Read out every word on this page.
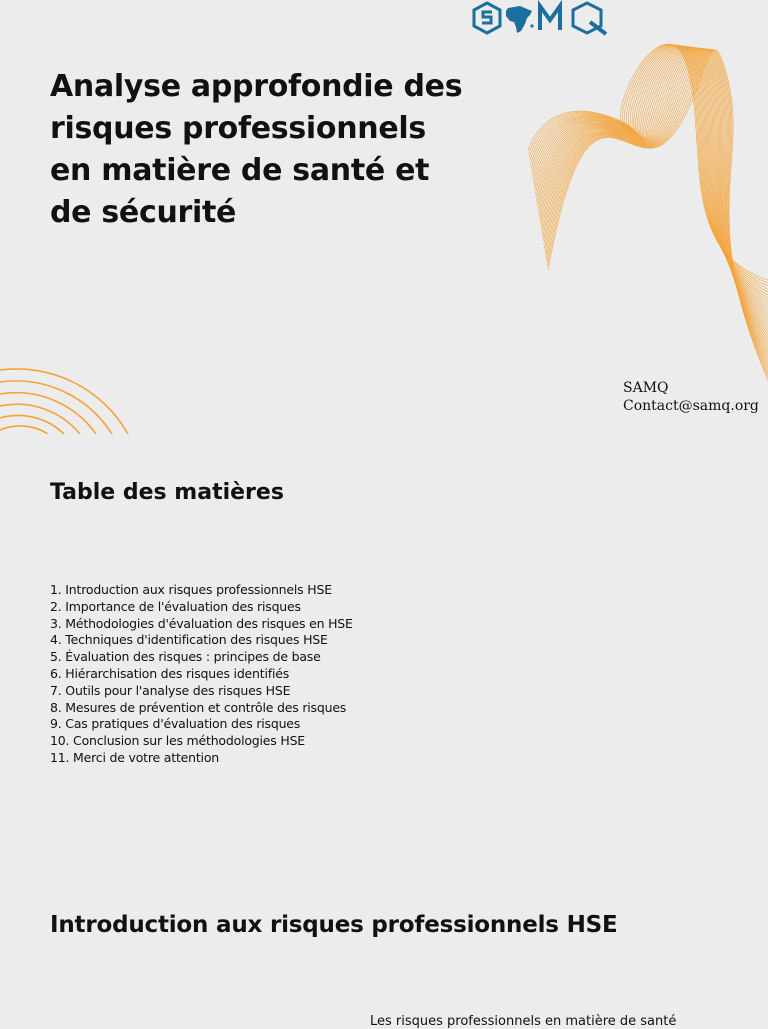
Analyse approfondie des risques professionnels en matière de santé et de sécurité
SAMQ
Contact@samq.org
Table des matières
1. Introduction aux risques professionnels HSE
2. Importance de l'évaluation des risques
3. Méthodologies d'évaluation des risques en HSE
4. Techniques d'identification des risques HSE
5. Évaluation des risques : principes de base
6. Hiérarchisation des risques identifiés
7. Outils pour l'analyse des risques HSE
8. Mesures de prévention et contrôle des risques
9. Cas pratiques d'évaluation des risques
10. Conclusion sur les méthodologies HSE
11. Merci de votre attention
Introduction aux risques professionnels HSE
Les risques professionnels en matière de santé
